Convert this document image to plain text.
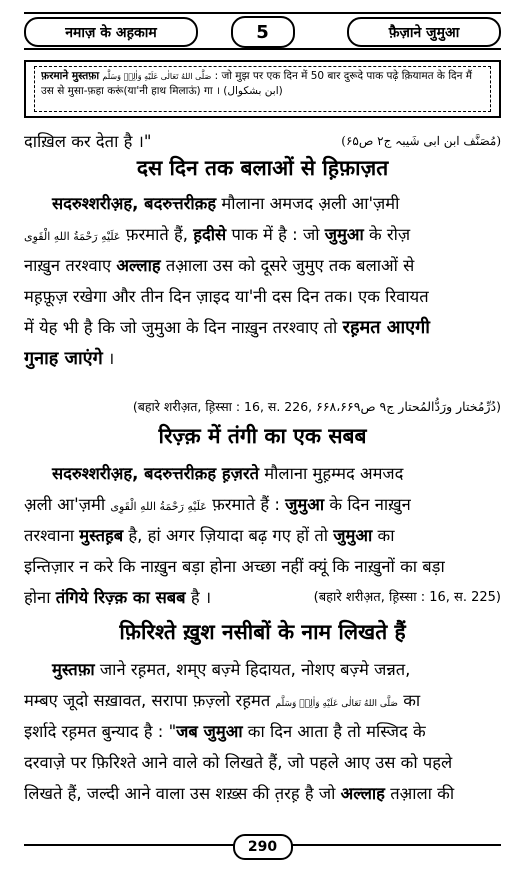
नमाज़ के अह़काम	5	फ़ैज़ाने जुमुआ
फ़रमाने मुस्तफ़ा صَلَّى اللهُ تَعَالٰی عَلَيْهِ وَاٰلِهٖ وَسَلَّم : जो मुझ पर एक दिन में 50 बार दुरूदे पाक पढ़े क़ियामत के दिन मैं
उस से मुसा-फ़हा करूं(या'नी हाथ मिलाऊं) गा । (ابن بشكوال)
दाख़िल कर देता है ।"	(مُصَنَّف ابن ابی شَیبہ ج۲ ص۶۵)
दस दिन तक बलाओं से ह़िफ़ाज़त
सदरुश्शरीअ़ह, बदरुत्तरीक़ह मौलाना अमजद अ़ली आ'ज़मी
عَلَيْهِ رَحْمَةُ اللهِ الْقَوِی फ़रमाते हैं, ह़दीसे पाक में है : जो जुमुआ के रोज़
नाख़ुन तरश्वाए अल्लाह तआ़ला उस को दूसरे जुमुए तक बलाओं से
मह़फ़ूज़ रखेगा और तीन दिन ज़ाइद या'नी दस दिन तक। एक रिवायत
में येह भी है कि जो जुमुआ के दिन नाख़ुन तरश्वाए तो रह़मत आएगी
गुनाह जाएंगे ।
(बहारे शरीअ़त, ह़िस्सा : 16, स. 226, دُرِّمُختار ورَدُّالمُحتار ج۹ ص۶۶۸،۶۶۹)
रिज़्क़ में तंगी का एक सबब
सदरुश्शरीअ़ह, बदरुत्तरीक़ह ह़ज़रते मौलाना मुह़म्मद अमजद
अ़ली आ'ज़मी عَلَيْهِ رَحْمَةُ اللهِ الْقَوِی फ़रमाते हैं : जुमुआ के दिन नाख़ुन
तरश्वाना मुस्तह़ब है, हां अगर ज़ियादा बढ़ गए हों तो जुमुआ का
इन्तिज़ार न करे कि नाख़ुन बड़ा होना अच्छा नहीं क्यूं कि नाख़ुनों का बड़ा
होना तंगिये रिज़्क़ का सबब है ।	(बहारे शरीअ़त, ह़िस्सा : 16, स. 225)
फ़िरिश्ते ख़ुश नसीबों के नाम लिखते हैं
मुस्तफ़ा जाने रह़मत, शम्ए बज़्मे हिदायत, नोशए बज़्मे जन्नत,
मम्बए जूदो सख़ावत, सरापा फ़ज़्लो रह़मत صَلَّى اللهُ تَعَالٰی عَلَيْهِ وَاٰلِهٖ وَسَلَّم का
इर्शादे रह़मत बुन्याद है : "जब जुमुआ का दिन आता है तो मस्जिद के
दरवाज़े पर फ़िरिश्ते आने वाले को लिखते हैं, जो पहले आए उस को पहले
लिखते हैं, जल्दी आने वाला उस शख़्स की त़रह़ है जो अल्लाह तआ़ला की
290
